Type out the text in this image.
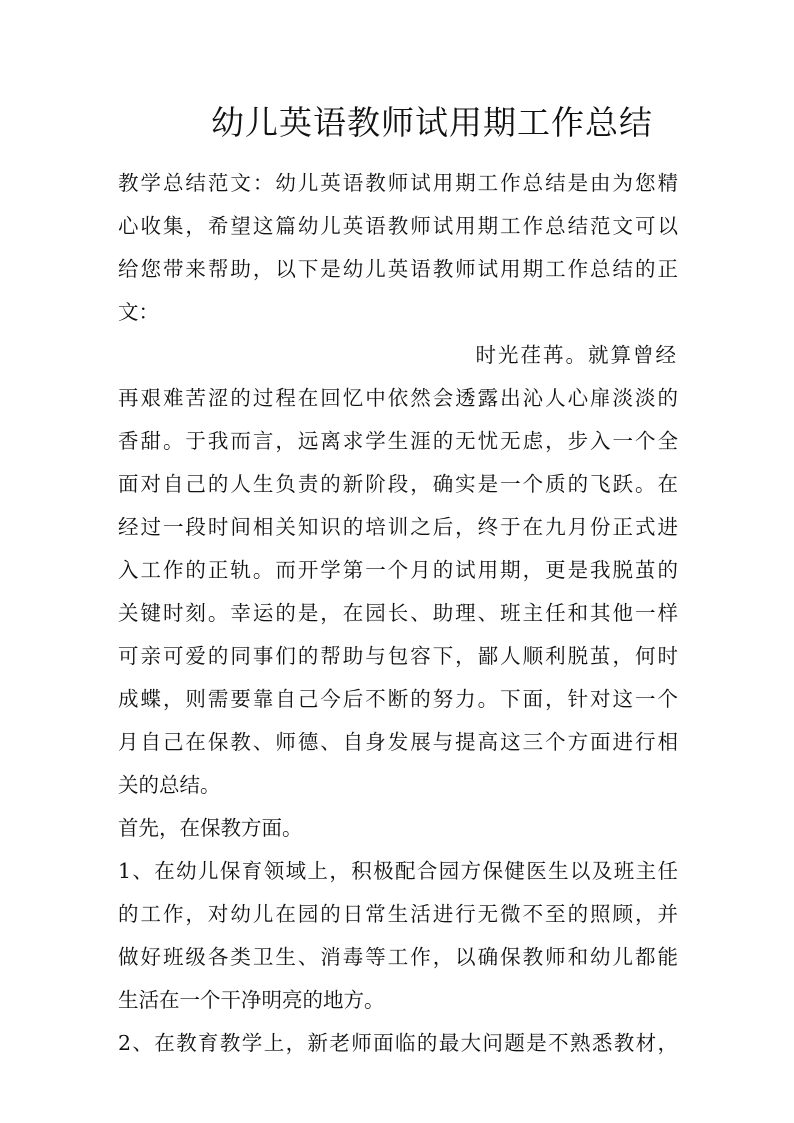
幼儿英语教师试用期工作总结

教学总结范文：幼儿英语教师试用期工作总结是由为您精

心收集，希望这篇幼儿英语教师试用期工作总结范文可以

给您带来帮助，以下是幼儿英语教师试用期工作总结的正

文：

时光荏苒。就算曾经

再艰难苦涩的过程在回忆中依然会透露出沁人心扉淡淡的

香甜。于我而言，远离求学生涯的无忧无虑，步入一个全

面对自己的人生负责的新阶段，确实是一个质的飞跃。在

经过一段时间相关知识的培训之后，终于在九月份正式进

入工作的正轨。而开学第一个月的试用期，更是我脱茧的

关键时刻。幸运的是，在园长、助理、班主任和其他一样

可亲可爱的同事们的帮助与包容下，鄙人顺利脱茧，何时

成蝶，则需要靠自己今后不断的努力。下面，针对这一个

月自己在保教、师德、自身发展与提高这三个方面进行相

关的总结。

首先，在保教方面。

1、在幼儿保育领域上，积极配合园方保健医生以及班主任

的工作，对幼儿在园的日常生活进行无微不至的照顾，并

做好班级各类卫生、消毒等工作，以确保教师和幼儿都能

生活在一个干净明亮的地方。

2、在教育教学上，新老师面临的最大问题是不熟悉教材，
